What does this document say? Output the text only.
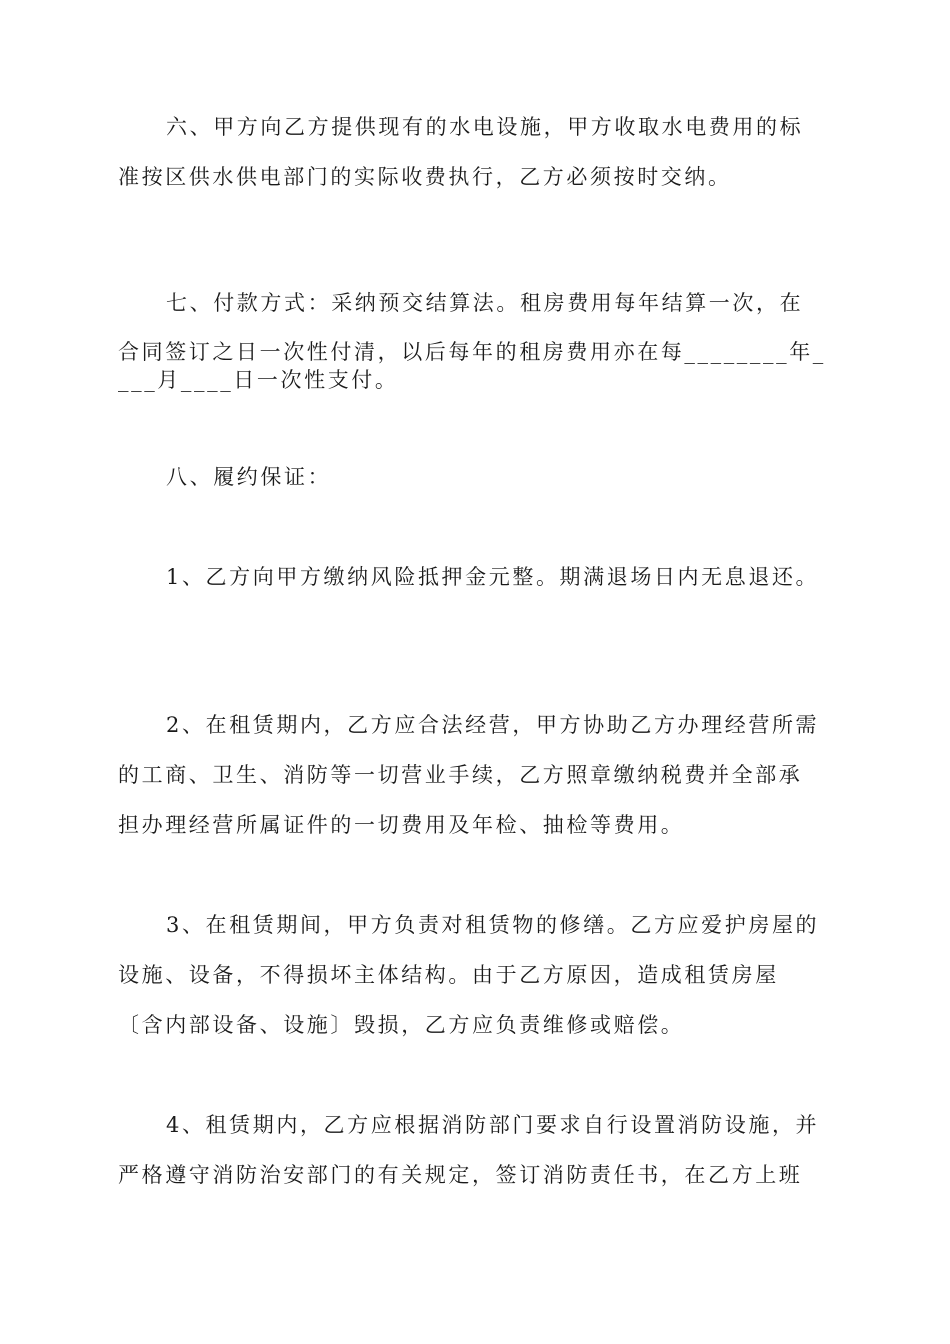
六、甲方向乙方提供现有的水电设施，甲方收取水电费用的标
准按区供水供电部门的实际收费执行，乙方必须按时交纳。
七、付款方式：采纳预交结算法。租房费用每年结算一次，在
合同签订之日一次性付清，以后每年的租房费用亦在每________年_
___月____日一次性支付。
八、履约保证：
1、乙方向甲方缴纳风险抵押金元整。期满退场日内无息退还。
2、在租赁期内，乙方应合法经营，甲方协助乙方办理经营所需
的工商、卫生、消防等一切营业手续，乙方照章缴纳税费并全部承
担办理经营所属证件的一切费用及年检、抽检等费用。
3、在租赁期间，甲方负责对租赁物的修缮。乙方应爱护房屋的
设施、设备，不得损坏主体结构。由于乙方原因，造成租赁房屋
〔含内部设备、设施〕毁损，乙方应负责维修或赔偿。
4、租赁期内，乙方应根据消防部门要求自行设置消防设施，并
严格遵守消防治安部门的有关规定，签订消防责任书，在乙方上班
